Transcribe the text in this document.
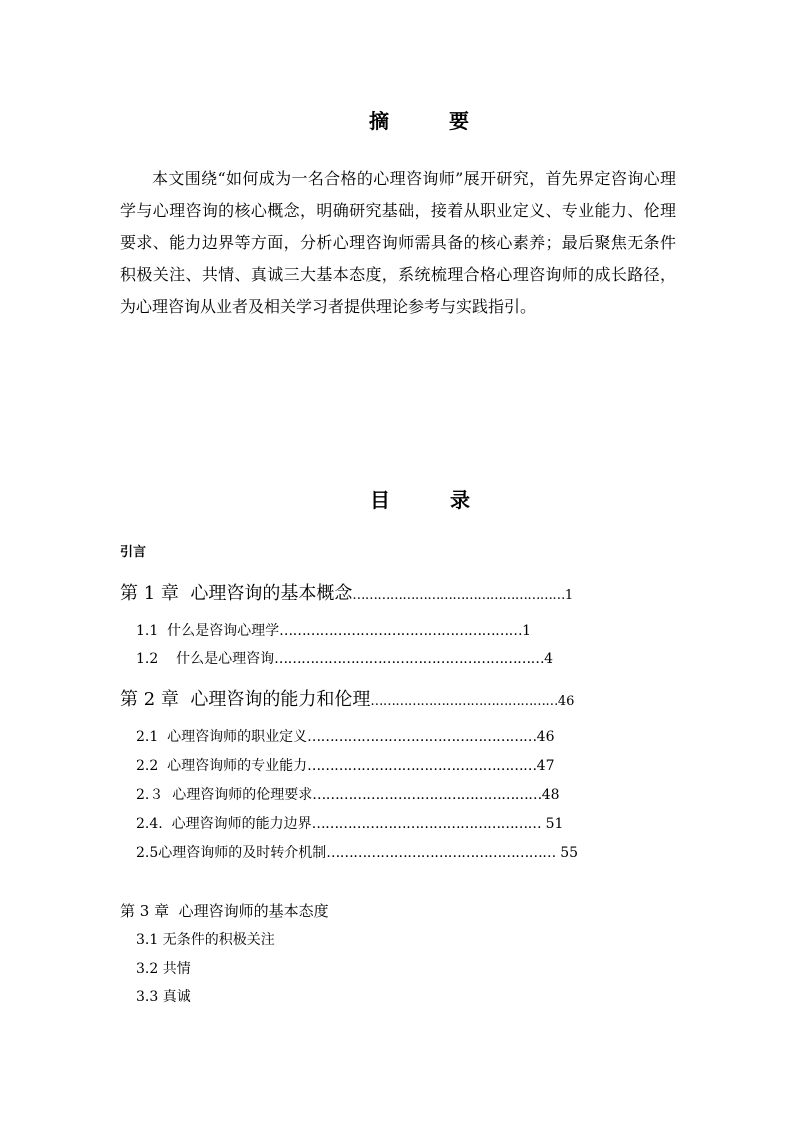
摘　要
本文围绕“如何成为一名合格的心理咨询师”展开研究，首先界定咨询心理学与心理咨询的核心概念，明确研究基础，接着从职业定义、专业能力、伦理要求、能力边界等方面，分析心理咨询师需具备的核心素养；最后聚焦无条件积极关注、共情、真诚三大基本态度，系统梳理合格心理咨询师的成长路径，为心理咨询从业者及相关学习者提供理论参考与实践指引。
目　录
引言
第 1 章 心理咨询的基本概念……………………………………………1
1.1 什么是咨询心理学………………………………………………1
1.2 什么是心理咨询……………………………………………………4
第 2 章 心理咨询的能力和伦理………………………………………46
2.1 心理咨询师的职业定义……………………………………………46
2.2 心理咨询师的专业能力……………………………………………47
2.３ 心理咨询师的伦理要求……………………………………………48
2.4. 心理咨询师的能力边界…………………………………………… 51
2.5心理咨询师的及时转介机制…………………………………………… 55
第 3 章 心理咨询师的基本态度
3.1 无条件的积极关注
3.2 共情
3.3 真诚
